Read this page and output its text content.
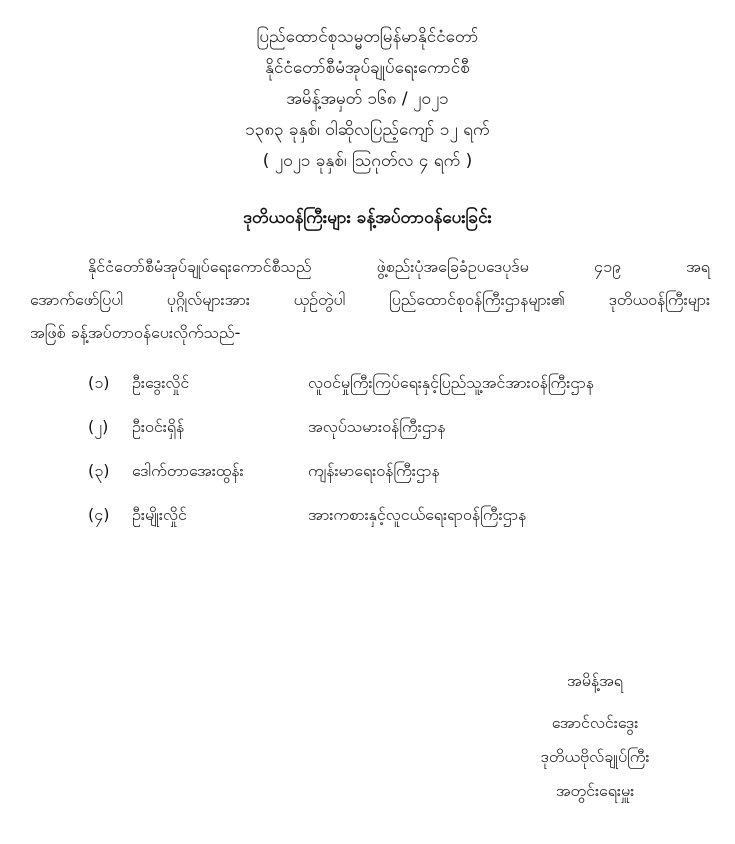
ပြည်ထောင်စုသမ္မတမြန်မာနိုင်ငံတော်
နိုင်ငံတော်စီမံအုပ်ချုပ်ရေးကောင်စီ
အမိန့်အမှတ် ၁၆၈ / ၂၀၂၁
၁၃၈၃ ခုနှစ်၊ ဝါဆိုလပြည့်ကျော် ၁၂ ရက်
( ၂၀၂၁ ခုနှစ်၊ ဩဂုတ်လ ၄ ရက် )
ဒုတိယဝန်ကြီးများ ခန့်အပ်တာဝန်ပေးခြင်း
နိုင်ငံတော်စီမံအုပ်ချုပ်ရေးကောင်စီသည် ဖွဲ့စည်းပုံအခြေခံဥပဒေပုဒ်မ ၄၁၉ အရ
အောက်ဖော်ပြပါ ပုဂ္ဂိုလ်များအား ယှဉ်တွဲပါ ပြည်ထောင်စုဝန်ကြီးဌာနများ၏ ဒုတိယဝန်ကြီးများ
အဖြစ် ခန့်အပ်တာဝန်ပေးလိုက်သည်-
(၁)	ဦးဒွေးလှိုင်	လူဝင်မှုကြီးကြပ်ရေးနှင့်ပြည်သူ့အင်အားဝန်ကြီးဌာန
(၂)	ဦးဝင်းရှိန်	အလုပ်သမားဝန်ကြီးဌာန
(၃)	ဒေါက်တာအေးထွန်း	ကျန်းမာရေးဝန်ကြီးဌာန
(၄)	ဦးမျိုးလှိုင်	အားကစားနှင့်လူငယ်ရေးရာဝန်ကြီးဌာန
အမိန့်အရ
အောင်လင်းဒွေး
ဒုတိယဗိုလ်ချုပ်ကြီး
အတွင်းရေးမှူး
